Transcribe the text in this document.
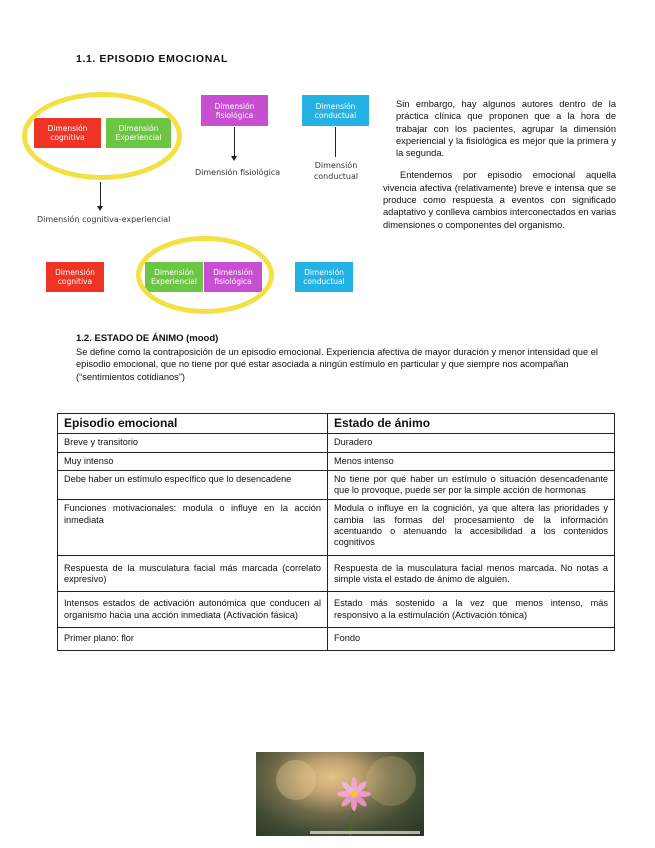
1.1. EPISODIO EMOCIONAL
Dimensión cognitiva
Dimensión Experiencial
Dimensión fisiológica
Dimensión conductual
Dimensión fisiológica
Dimensión conductual
Dimensión cognitiva-experiencial
Dimensión cognitiva
Dimensión Experiencial
Dimensión fisiológica
Dimensión conductual

Sin embargo, hay algunos autores dentro de la práctica clínica que proponen que a la hora de trabajar con los pacientes, agrupar la dimensión experiencial y la fisiológica es mejor que la primera y la segunda.

Entendemos por episodio emocional aquella vivencia afectiva (relativamente) breve e intensa que se produce como respuesta a eventos con significado adaptativo y conlleva cambios interconectados en varias dimensiones o componentes del organismo.

1.2. ESTADO DE ÁNIMO (mood)
Se define como la contraposición de un episodio emocional. Experiencia afectiva de mayor duración y menor intensidad que el episodio emocional, que no tiene por qué estar asociada a ningún estímulo en particular y que siempre nos acompañan (“sentimientos cotidianos”)
Episodio emocional	Estado de ánimo
Breve y transitorio	Duradero
Muy intenso	Menos intenso
Debe haber un estímulo específico que lo desencadene	No tiene por qué haber un estímulo o situación desencadenante que lo provoque, puede ser por la simple acción de hormonas
Funciones motivacionales: modula o influye en la acción inmediata	Modula o influye en la cognición, ya que altera las prioridades y cambia las formas del procesamiento de la información acentuando o atenuando la accesibilidad a los contenidos cognitivos
Respuesta de la musculatura facial más marcada (correlato expresivo)	Respuesta de la musculatura facial menos marcada. No notas a simple vista el estado de ánimo de alguien.
Intensos estados de activación autonómica que conducen al organismo hacia una acción inmediata (Activación fásica)	Estado más sostenido a la vez que menos intenso, más responsivo a la estimulación (Activación tónica)
Primer plano: flor	Fondo
